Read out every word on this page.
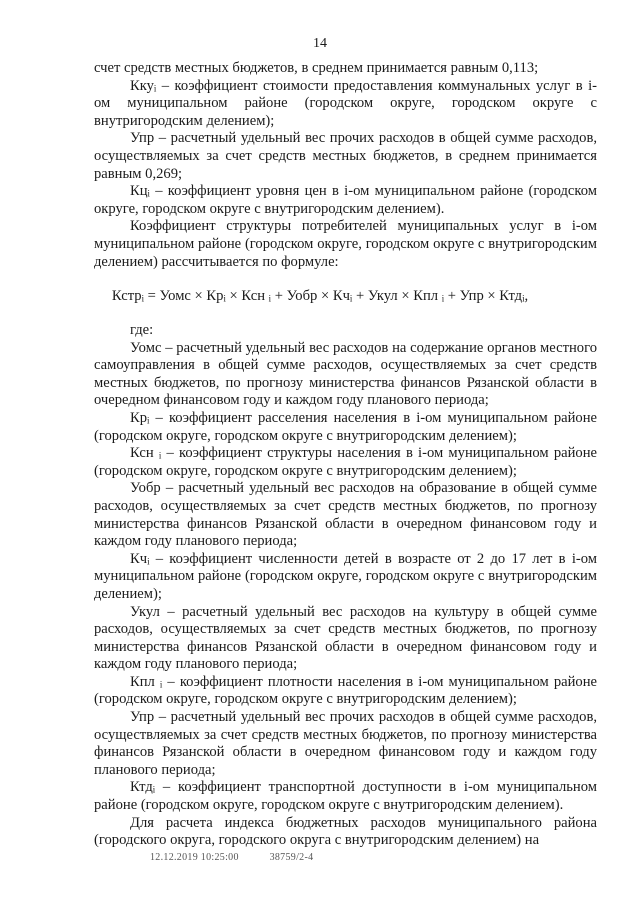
14

счет средств местных бюджетов, в среднем принимается равным 0,113;

Ккуᵢ – коэффициент стоимости предоставления коммунальных услуг в i-ом муниципальном районе (городском округе, городском округе с внутригородским делением);

Упр – расчетный удельный вес прочих расходов в общей сумме расходов, осуществляемых за счет средств местных бюджетов, в среднем принимается равным 0,269;

Кцᵢ – коэффициент уровня цен в i-ом муниципальном районе (городском округе, городском округе с внутригородским делением).

Коэффициент структуры потребителей муниципальных услуг в i-ом муниципальном районе (городском округе, городском округе с внутригородским делением) рассчитывается по формуле:

Кстрᵢ = Уомс × Крᵢ × Ксн ᵢ + Уобр × Кчᵢ + Укул × Кпл ᵢ + Упр × Ктдᵢ,

где:

Уомс – расчетный удельный вес расходов на содержание органов местного самоуправления в общей сумме расходов, осуществляемых за счет средств местных бюджетов, по прогнозу министерства финансов Рязанской области в очередном финансовом году и каждом году планового периода;

Крᵢ – коэффициент расселения населения в i-ом муниципальном районе (городском округе, городском округе с внутригородским делением);

Ксн ᵢ – коэффициент структуры населения в i-ом муниципальном районе (городском округе, городском округе с внутригородским делением);

Уобр – расчетный удельный вес расходов на образование в общей сумме расходов, осуществляемых за счет средств местных бюджетов, по прогнозу министерства финансов Рязанской области в очередном финансовом году и каждом году планового периода;

Кчᵢ – коэффициент численности детей в возрасте от 2 до 17 лет в i-ом муниципальном районе (городском округе, городском округе с внутригородским делением);

Укул – расчетный удельный вес расходов на культуру в общей сумме расходов, осуществляемых за счет средств местных бюджетов, по прогнозу министерства финансов Рязанской области в очередном финансовом году и каждом году планового периода;

Кпл ᵢ – коэффициент плотности населения в i-ом муниципальном районе (городском округе, городском округе с внутригородским делением);

Упр – расчетный удельный вес прочих расходов в общей сумме расходов, осуществляемых за счет средств местных бюджетов, по прогнозу министерства финансов Рязанской области в очередном финансовом году и каждом году планового периода;

Ктдᵢ – коэффициент транспортной доступности в i-ом муниципальном районе (городском округе, городском округе с внутригородским делением).

Для расчета индекса бюджетных расходов муниципального района (городского округа, городского округа с внутригородским делением) на

12.12.2019 10:25:00	38759/2-4
